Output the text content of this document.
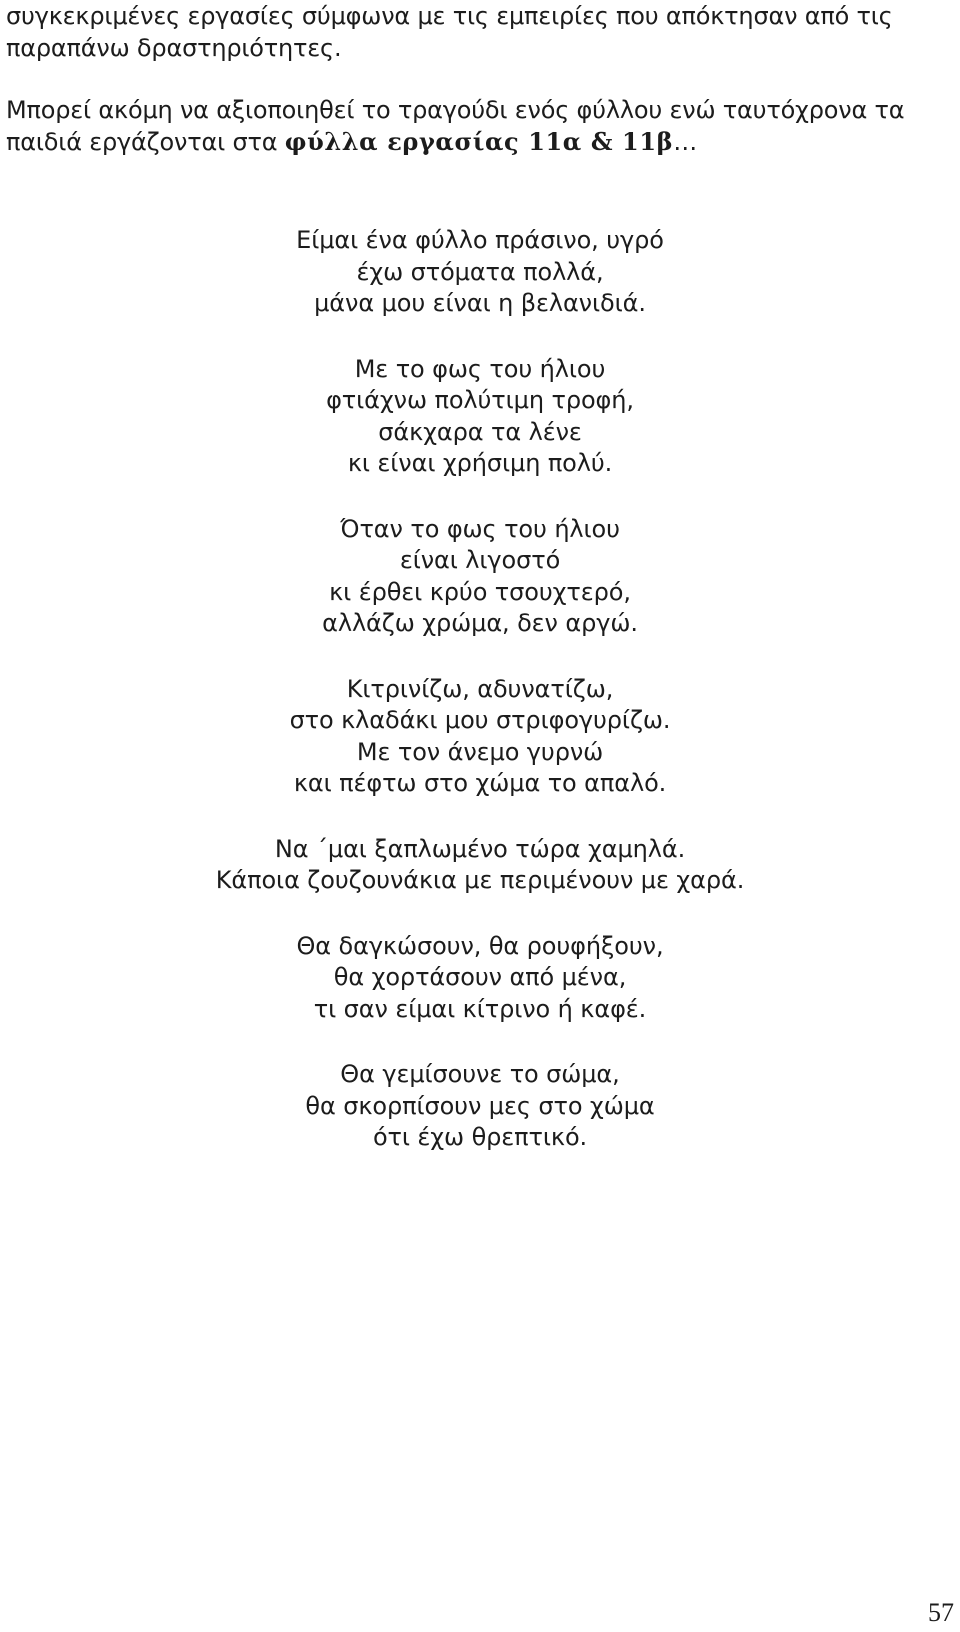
συγκεκριμένες εργασίες σύμφωνα με τις εμπειρίες που απόκτησαν από τις παραπάνω δραστηριότητες.

Μπορεί ακόμη να αξιοποιηθεί το τραγούδι ενός φύλλου ενώ ταυτόχρονα τα παιδιά εργάζονται στα φύλλα εργασίας 11α & 11β…

Είμαι ένα φύλλο πράσινο, υγρό
έχω στόματα πολλά,
μάνα μου είναι η βελανιδιά.
Με το φως του ήλιου
φτιάχνω πολύτιμη τροφή,
σάκχαρα τα λένε
κι είναι χρήσιμη πολύ.
Όταν το φως του ήλιου
είναι λιγοστό
κι έρθει κρύο τσουχτερό,
αλλάζω χρώμα, δεν αργώ.
Κιτρινίζω, αδυνατίζω,
στο κλαδάκι μου στριφογυρίζω.
Με τον άνεμο γυρνώ
και πέφτω στο χώμα το απαλό.
Να ΄μαι ξαπλωμένο τώρα χαμηλά.
Κάποια ζουζουνάκια με περιμένουν με χαρά.
Θα δαγκώσουν, θα ρουφήξουν,
θα χορτάσουν από μένα,
τι σαν είμαι κίτρινο ή καφέ.
Θα γεμίσουνε το σώμα,
θα σκορπίσουν μες στο χώμα
ότι έχω θρεπτικό.
57
